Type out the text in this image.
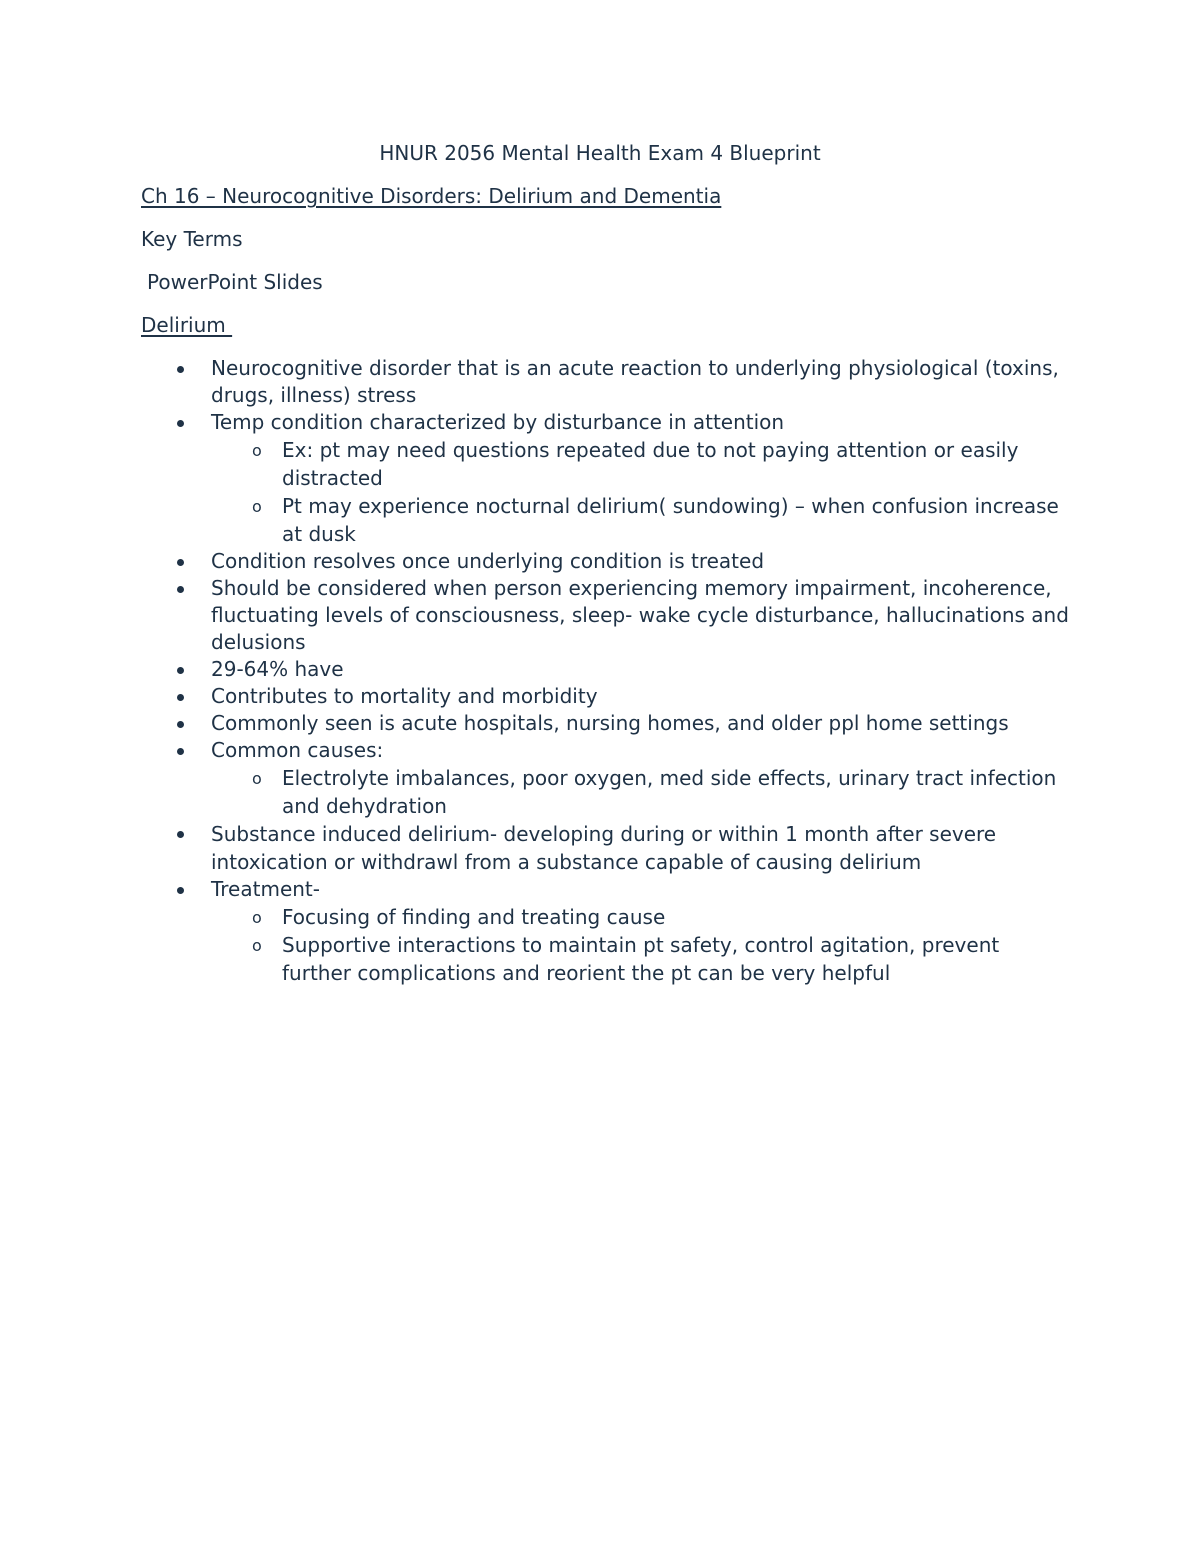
HNUR 2056 Mental Health Exam 4 Blueprint
Ch 16 – Neurocognitive Disorders: Delirium and Dementia
Key Terms
PowerPoint Slides
Delirium
Neurocognitive disorder that is an acute reaction to underlying physiological (toxins, drugs, illness) stress
Temp condition characterized by disturbance in attention
o Ex: pt may need questions repeated due to not paying attention or easily distracted
o Pt may experience nocturnal delirium( sundowing) – when confusion increase at dusk
Condition resolves once underlying condition is treated
Should be considered when person experiencing memory impairment, incoherence, fluctuating levels of consciousness, sleep- wake cycle disturbance, hallucinations and delusions
29-64% have
Contributes to mortality and morbidity
Commonly seen is acute hospitals, nursing homes, and older ppl home settings
Common causes:
o Electrolyte imbalances, poor oxygen, med side effects, urinary tract infection and dehydration
Substance induced delirium- developing during or within 1 month after severe intoxication or withdrawl from a substance capable of causing delirium
Treatment-
o Focusing of finding and treating cause
o Supportive interactions to maintain pt safety, control agitation, prevent further complications and reorient the pt can be very helpful
